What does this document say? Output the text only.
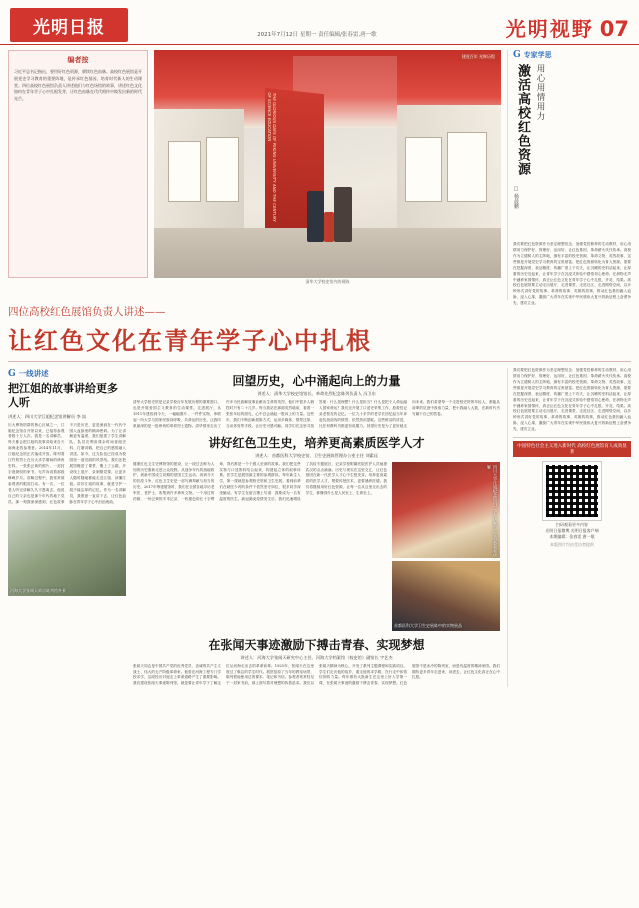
光明日报	2021年7月12日 星期一 责任编辑/张春雷,唐一歌	光明视野 07
编者按
习近平总书记指出，要用好红色资源，赓续红色血脉。高校红色展馆是开展党史学习教育的重要阵地，是传承红色基因、培育时代新人的生动课堂。四位高校红色展馆负责人讲述他们与红色场馆的故事，讲述红色文化如何在青年学子心中扎根发芽，让红色血脉在代代相传中焕发出新的时代光芒。	THE GLORIOUS DAYS OF PEKING UNIVERSITY AND THE CENTURY OF SCIENCE EDUCATION
建党百年 光辉历程
清华大学校史馆内的展陈
G 专家学思
用心用情用力
激活高校红色资源
□ 杨晨鹏
我们要把红色资源作为坚定理想信念、加强党性修养的生动教材，用心用情用力保护好、管理好、运用好，让红色基因、革命薪火代代传承。高校作为立德树人的主阵地，拥有丰富的校史资源、革命文物、英烈故事，这些都是开展党史学习教育的宝贵财富。把红色资源转化为育人资源，需要在挖掘深度、表达精度、传播广度上下功夫，让沉睡的史料活起来，让厚重的历史近起来，让青年学子在沉浸式体验中感悟初心使命，在润物无声中涵养家国情怀，真正让红色文化在青年学子心中扎根、开花、结果。高校红色展馆要主动走出展厅，走进课堂、走进社区、走进网络空间，以多种形式讲好党的故事、革命的故事、英雄的故事，推动红色基因融入血脉、浸入心扉，激励广大青年在实现中华民族伟大复兴的新征程上奋勇争先、建功立业。
四位高校红色展馆负责人讲述——
让红色文化在青年学子心中扎根
G 一线讲述
把江姐的故事讲给更多人听
讲述人：四川大学江姐纪念馆讲解员 李 岚
川大博物馆群的核心区域之一，江姐纪念馆自开馆以来，已接待参观者数十万人次。我是一名讲解员，每天都会把江姐的故事讲给来自天南海北的参观者。2014年11月，江姐纪念馆正式落成开放，陈列着江竹筠烈士在川大求学期间的珍贵史料。一张张泛黄的照片、一封封字迹斑驳的家书，无声诉说着那段峥嵘岁月。讲解过程中，我常常被参观者的眼泪打动。有一次，一位老人听完讲解久久不愿离去，他说自己的父亲也是那个年代的地下党员。那一刻我深深感到，红色故事不只是历史，更是流淌在一代代中国人血脉里的精神密码。为了让讲解更有温度，我们组建了学生讲解队，队员们利用课余时间查阅史料、打磨讲稿，把自己的感悟融入讲述。如今，这支队伍已经成为校园里一道亮丽的风景线。我们还把展馆搬进了课堂、搬上了云端，开设线上展厅、录制微党课，让更多人随时随地都能走近江姐、读懂江姐。讲好江姐的故事，就是守护一段不能忘却的记忆。作为一名讲解员，我愿意一直讲下去，让红色血脉在青年学子心中汩汩流淌。
河海大学张闻天故居陈列馆外景
回望历史，心中涌起向上的力量
讲述人：清华大学校史馆馆长、革命先烈纪念陈列负责人 冯卫东
清华大学校史馆是记录学校百年发展历程的重要窗口，也是开展爱国主义教育的生动课堂。走进展厅，从1911年建校到今天，一幅幅图片、一件件实物，串联起一所大学与国家民族同呼吸、共命运的历史。让我印象最深的是一批珍贵的革命烈士遗物。清华园里走出了许多为民族解放事业献出生命的英烈，他们中很多人牺牲时只有二十几岁。每当我站在那面英烈墙前，看着一张张年轻的面孔，心中总会涌起一股向上的力量。这些年，我们不断创新展陈方式，运用多媒体、情景还原、互动体验等手段，让历史可感可触。同学们在这里寻找答案：什么是理想？什么是担当？什么是把个人命运融入国家命运？我们还开展了口述史采集工作，抢救性记录老校友的记忆。一位九十多岁的老学长回忆起当年奔赴抗战前线的情景，依然热泪盈眶。这些鲜活的讲述，比任何教科书都更有说服力。回望历史是为了更好地走向未来。我们希望每一个走进校史馆的年轻人，都能从前辈的足迹中汲取力量，把小我融入大我，在新时代书写属于自己的答卷。
讲好红色卫生史，培养更高素质医学人才
讲述人：首都医科大学校史馆、卫生史展陈管理办公室主任 刘素珏
健康红色卫生史博物馆的建设，让一段过去鲜为人知的历史重新走进公众视野。从战争年代的战地救护，到新中国成立初期的爱国卫生运动，再到今天的抗疫斗争，红色卫生史是一部写满奉献与担当的历史。2017年筹建展馆时，我们在全国各地寻访老军医、老护士，收集到许多珍贵文物。一个用过的药箱、一份泛黄的手术记录、一枚褪色的红十字臂章，背后都是一个个感人至深的故事。我们把这些实物与口述资料结合起来，构建起立体的叙事体系。医学生是展馆最主要的参观群体。每年新生入学，第一课就是参观校史馆和卫生史展。看到前辈们在缺医少药的条件下依然坚守岗位，很多同学深受触动。有学生在留言簿上写道：我要成为一名有温度的医生。新冠肺炎疫情发生后，我们迅速增设了抗疫专题展区，记录学校附属医院医护人员驰援武汉的点点滴滴。历史与现实在这里交汇，让红色基因在新一代医学人才心中生根发芽。培养更高素质的医学人才，既要传授医术，更要涵养医德。我们将继续用好红色资源，让每一位从这里走出去的学生，都懂得什么是人民至上、生命至上。	四川大学江姐纪念馆内，学生讲解员正在为参观者讲解
首都医科大学卫生史展陈中的实物展品
在张闻天事迹激励下搏击青春、实现梦想
讲述人：河海大学张闻天研究中心主任、河海大学档案馆（校史馆）副馆长 宇艺杰
张闻天同志是中国共产党的优秀党员、忠诚的共产主义战士、伟大的无产阶级革命家。他曾在河海工程专门学校求学，这段经历对他走上革命道路产生了重要影响。我们建设张闻天事迹陈列馆，就是要让青年学子了解这位从河海走出去的革命前辈。1925年，张闻天在这里度过了难忘的学生时代。展馆复原了当年的教室场景，陈列着他使用过的课本、笔记和书信。参观者常常驻足于一封家书前，那上面写着对理想的执着追求。我们以张闻天精神为核心，开发了系列主题课程和实践项目。学生们走访他的故乡、重走他的求学路，在行走中体悟信仰的力量。每年都有大批新生在这里上好入学第一课，在张闻天事迹的激励下搏击青春、实现梦想。红色展馆不是冰冷的陈列室，而是有温度的精神家园。我们期待更多青年走进来、读进去，让红色文化真正在心中扎根。
我们要把红色资源作为坚定理想信念、加强党性修养的生动教材，用心用情用力保护好、管理好、运用好，让红色基因、革命薪火代代传承。高校作为立德树人的主阵地，拥有丰富的校史资源、革命文物、英烈故事，这些都是开展党史学习教育的宝贵财富。把红色资源转化为育人资源，需要在挖掘深度、表达精度、传播广度上下功夫，让沉睡的史料活起来，让厚重的历史近起来，让青年学子在沉浸式体验中感悟初心使命，在润物无声中涵养家国情怀，真正让红色文化在青年学子心中扎根、开花、结果。高校红色展馆要主动走出展厅，走进课堂、走进社区、走进网络空间，以多种形式讲好党的故事、革命的故事、英雄的故事，推动红色基因融入血脉、浸入心扉，激励广大青年在实现中华民族伟大复兴的新征程上奋勇争先、建功立业。
中国特色社会主义进入新时代 高校红色展馆育人成效显著
扫码观看更多内容
光明日报微博 光明日报客户端
本期编辑：张春雷 唐一歌
本版图片均由受访者提供
